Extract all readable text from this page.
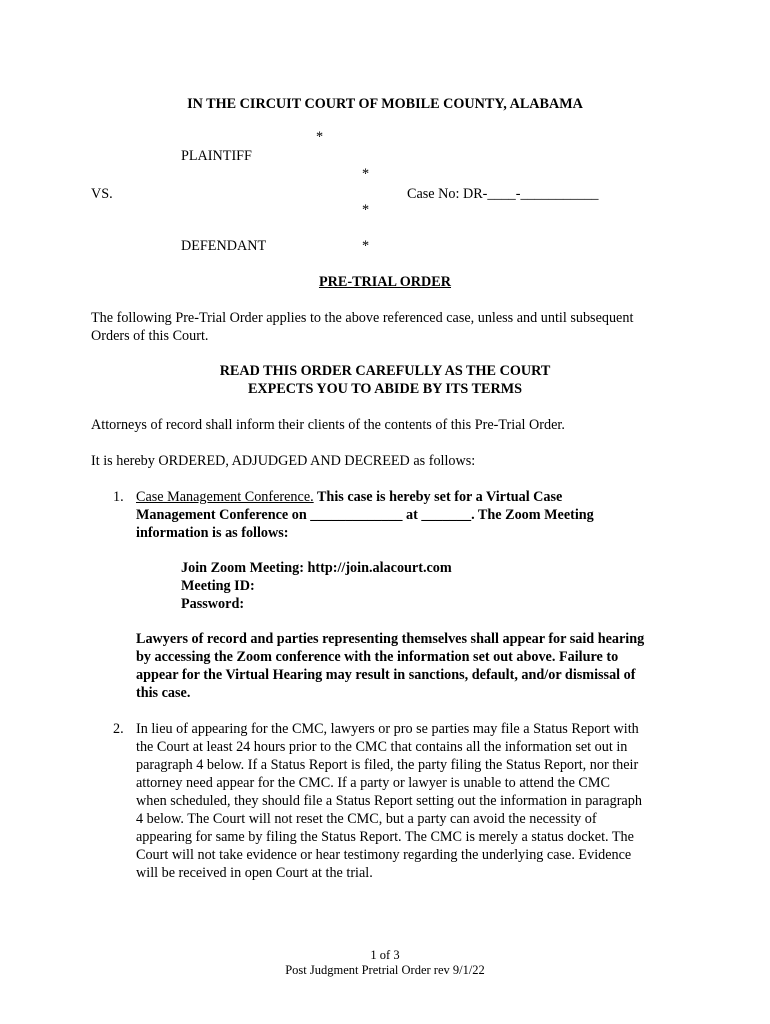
IN THE CIRCUIT COURT OF MOBILE COUNTY, ALABAMA
*
PLAINTIFF
*
VS.	Case No: DR-____-___________
*
DEFENDANT	*
PRE-TRIAL ORDER
The following Pre-Trial Order applies to the above referenced case, unless and until subsequent
Orders of this Court.
READ THIS ORDER CAREFULLY AS THE COURT
EXPECTS YOU TO ABIDE BY ITS TERMS
Attorneys of record shall inform their clients of the contents of this Pre-Trial Order.
It is hereby ORDERED, ADJUDGED AND DECREED as follows:
1. Case Management Conference. This case is hereby set for a Virtual Case
Management Conference on _____________ at _______. The Zoom Meeting
information is as follows:
Join Zoom Meeting: http://join.alacourt.com
Meeting ID:
Password:
Lawyers of record and parties representing themselves shall appear for said hearing
by accessing the Zoom conference with the information set out above. Failure to
appear for the Virtual Hearing may result in sanctions, default, and/or dismissal of
this case.
2. In lieu of appearing for the CMC, lawyers or pro se parties may file a Status Report with
the Court at least 24 hours prior to the CMC that contains all the information set out in
paragraph 4 below. If a Status Report is filed, the party filing the Status Report, nor their
attorney need appear for the CMC. If a party or lawyer is unable to attend the CMC
when scheduled, they should file a Status Report setting out the information in paragraph
4 below. The Court will not reset the CMC, but a party can avoid the necessity of
appearing for same by filing the Status Report. The CMC is merely a status docket. The
Court will not take evidence or hear testimony regarding the underlying case. Evidence
will be received in open Court at the trial.
1 of 3
Post Judgment Pretrial Order rev 9/1/22
